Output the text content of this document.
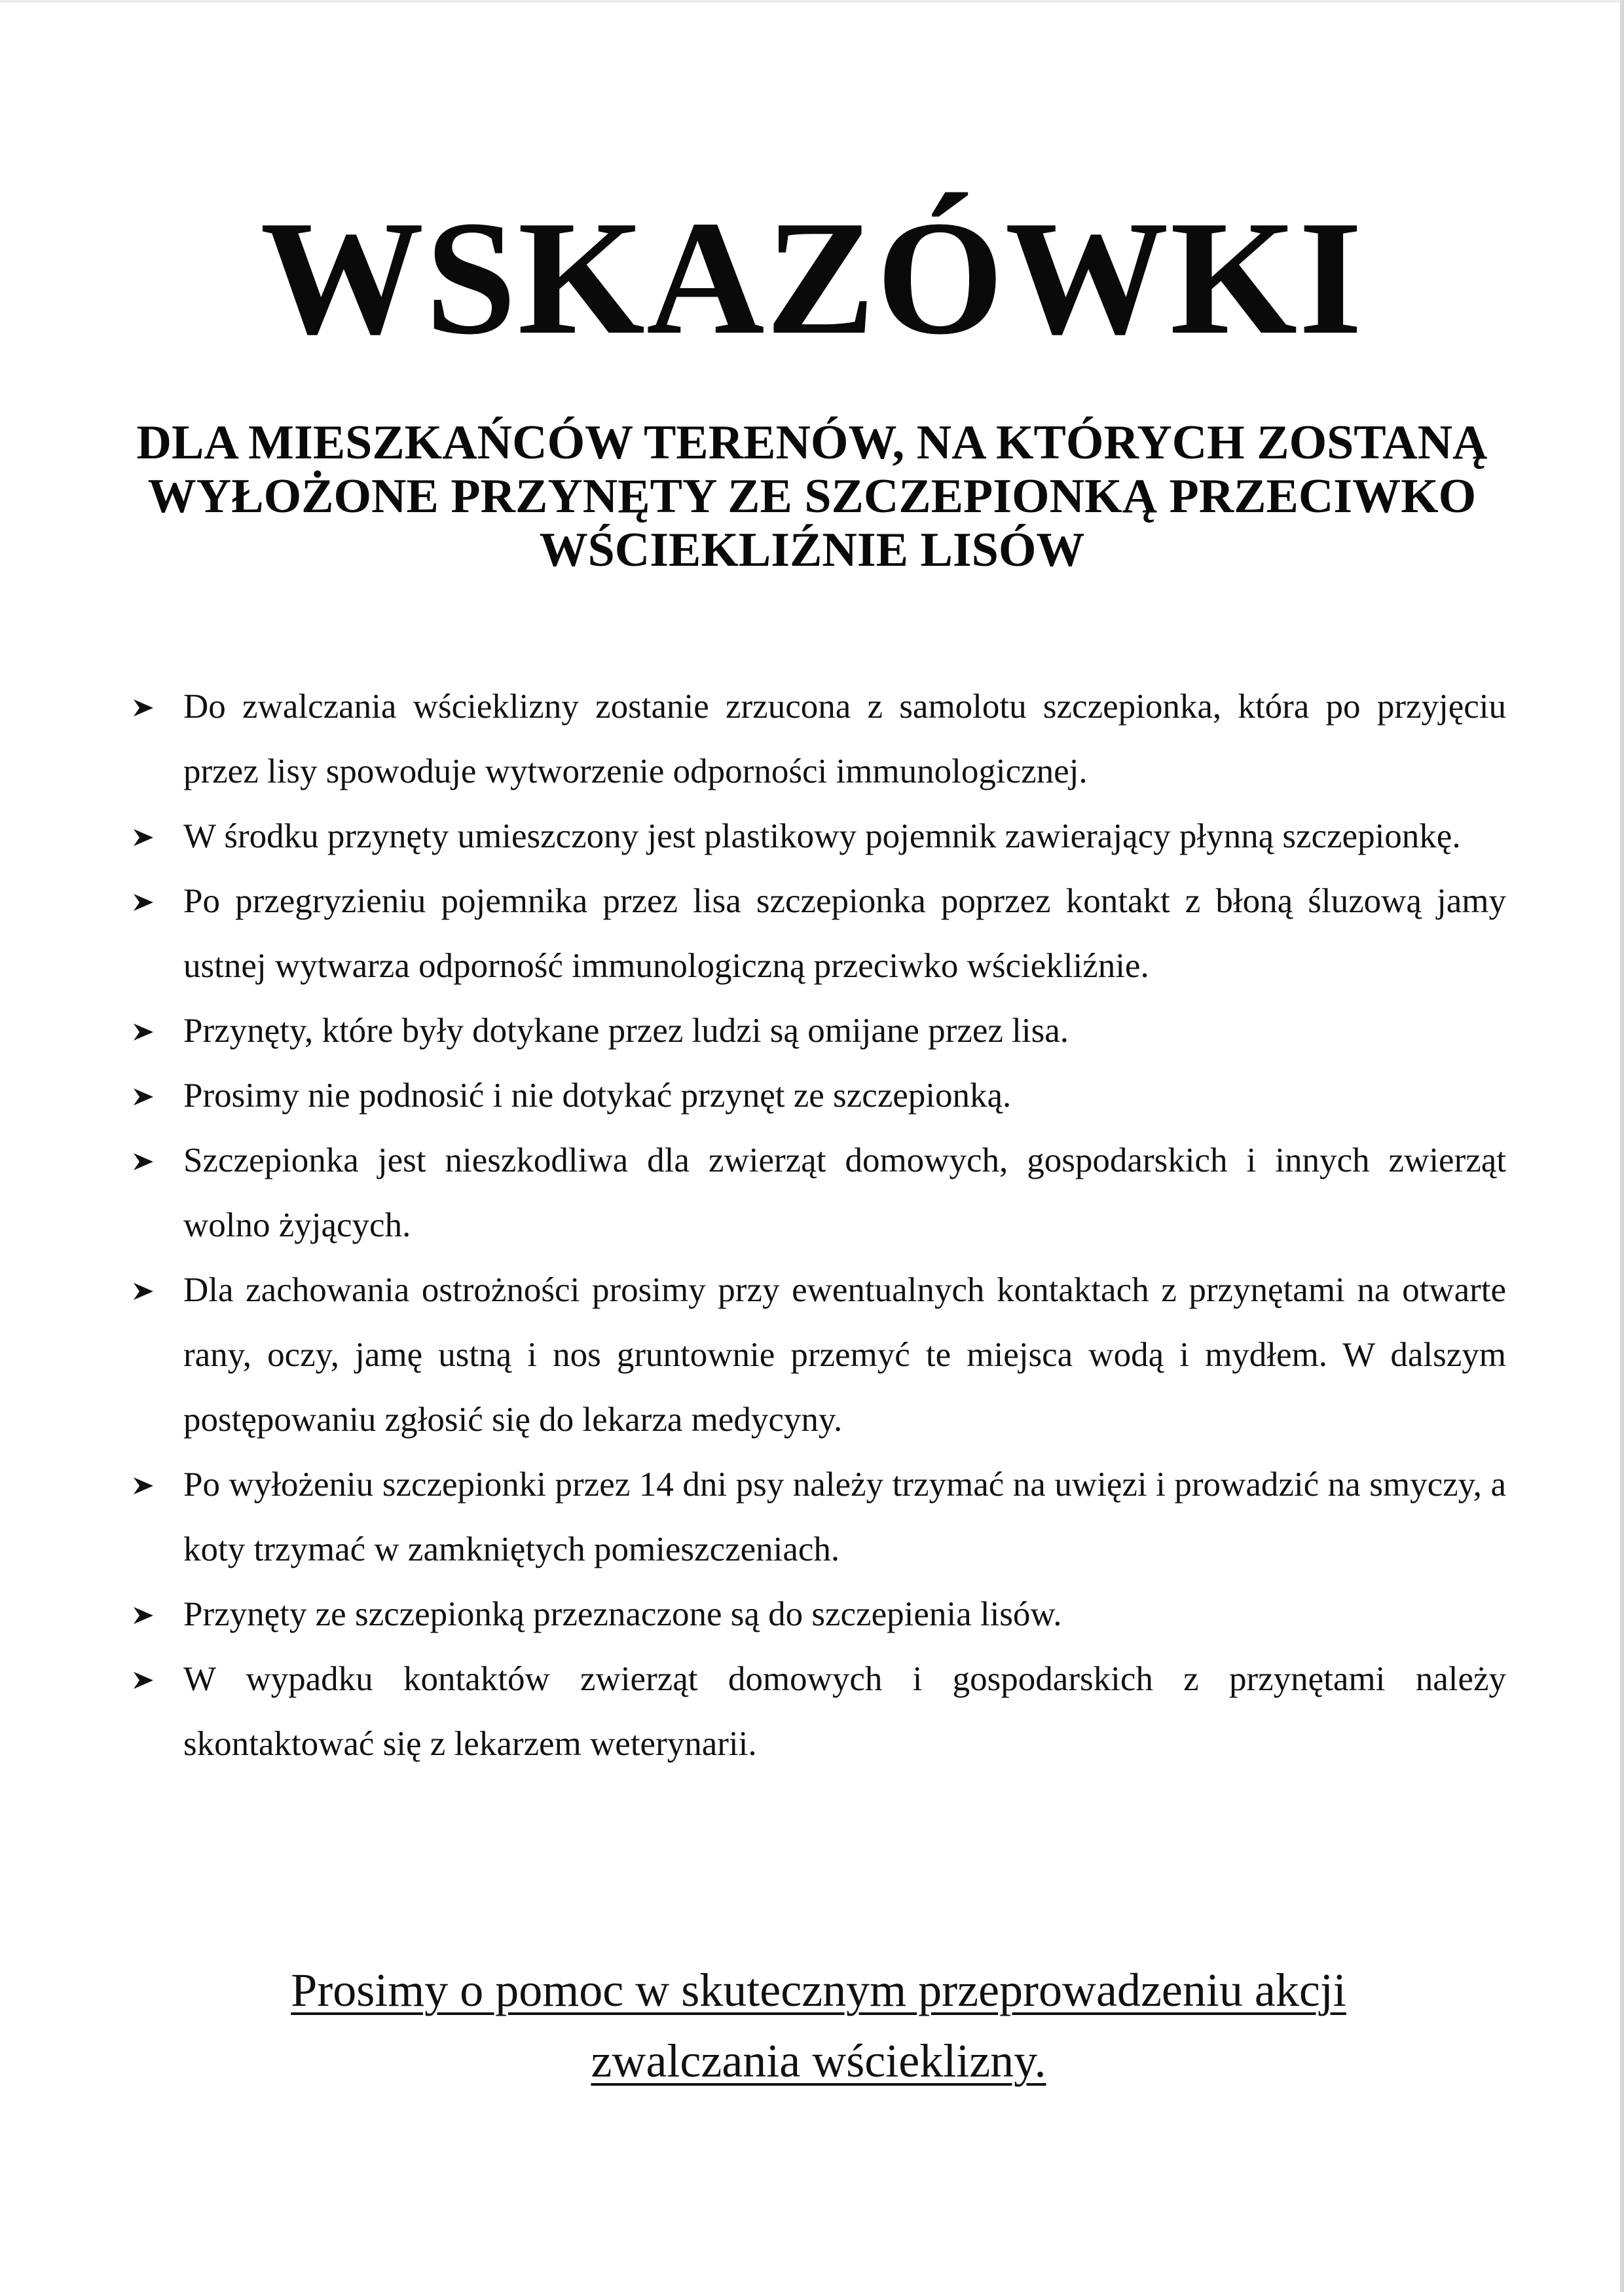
WSKAZÓWKI
DLA MIESZKAŃCÓW TERENÓW, NA KTÓRYCH ZOSTANĄ
WYŁOŻONE PRZYNĘTY ZE SZCZEPIONKĄ PRZECIWKO
WŚCIEKLIŹNIE LISÓW
Do zwalczania wścieklizny zostanie zrzucona z samolotu szczepionka, która po przyjęciu przez lisy spowoduje wytworzenie odporności immunologicznej.
W środku przynęty umieszczony jest plastikowy pojemnik zawierający płynną szczepionkę.
Po przegryzieniu pojemnika przez lisa szczepionka poprzez kontakt z błoną śluzową jamy ustnej wytwarza odporność immunologiczną przeciwko wściekliźnie.
Przynęty, które były dotykane przez ludzi są omijane przez lisa.
Prosimy nie podnosić i nie dotykać przynęt ze szczepionką.
Szczepionka jest nieszkodliwa dla zwierząt domowych, gospodarskich i innych zwierząt wolno żyjących.
Dla zachowania ostrożności prosimy przy ewentualnych kontaktach z przynętami na otwarte rany, oczy, jamę ustną i nos gruntownie przemyć te miejsca wodą i mydłem. W dalszym postępowaniu zgłosić się do lekarza medycyny.
Po wyłożeniu szczepionki przez 14 dni psy należy trzymać na uwięzi i prowadzić na smyczy, a koty trzymać w zamkniętych pomieszczeniach.
Przynęty ze szczepionką przeznaczone są do szczepienia lisów.
W wypadku kontaktów zwierząt domowych i gospodarskich z przynętami należy skontaktować się z lekarzem weterynarii.

Prosimy o pomoc w skutecznym przeprowadzeniu akcji
zwalczania wścieklizny.
